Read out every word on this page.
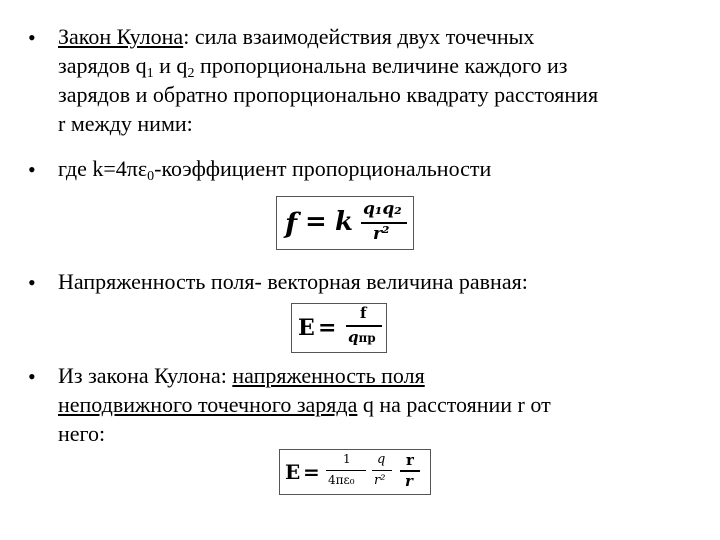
• Закон Кулона: сила взаимодействия двух точечных
зарядов $q_1$ и $q_2$ пропорциональна величине каждого из
зарядов и обратно пропорционально квадрату расстояния
r между ними:
• где $k=4\pi\varepsilon_0$-коэффициент пропорциональности
f = k q₁q₂
r²
• Напряженность поля- векторная величина равная:
E =
f
qпр
• Из закона Кулона: напряженность поля
неподвижного точечного заряда q на расстоянии r от
него:
E =
1
4πε₀
q
r²
r
r
